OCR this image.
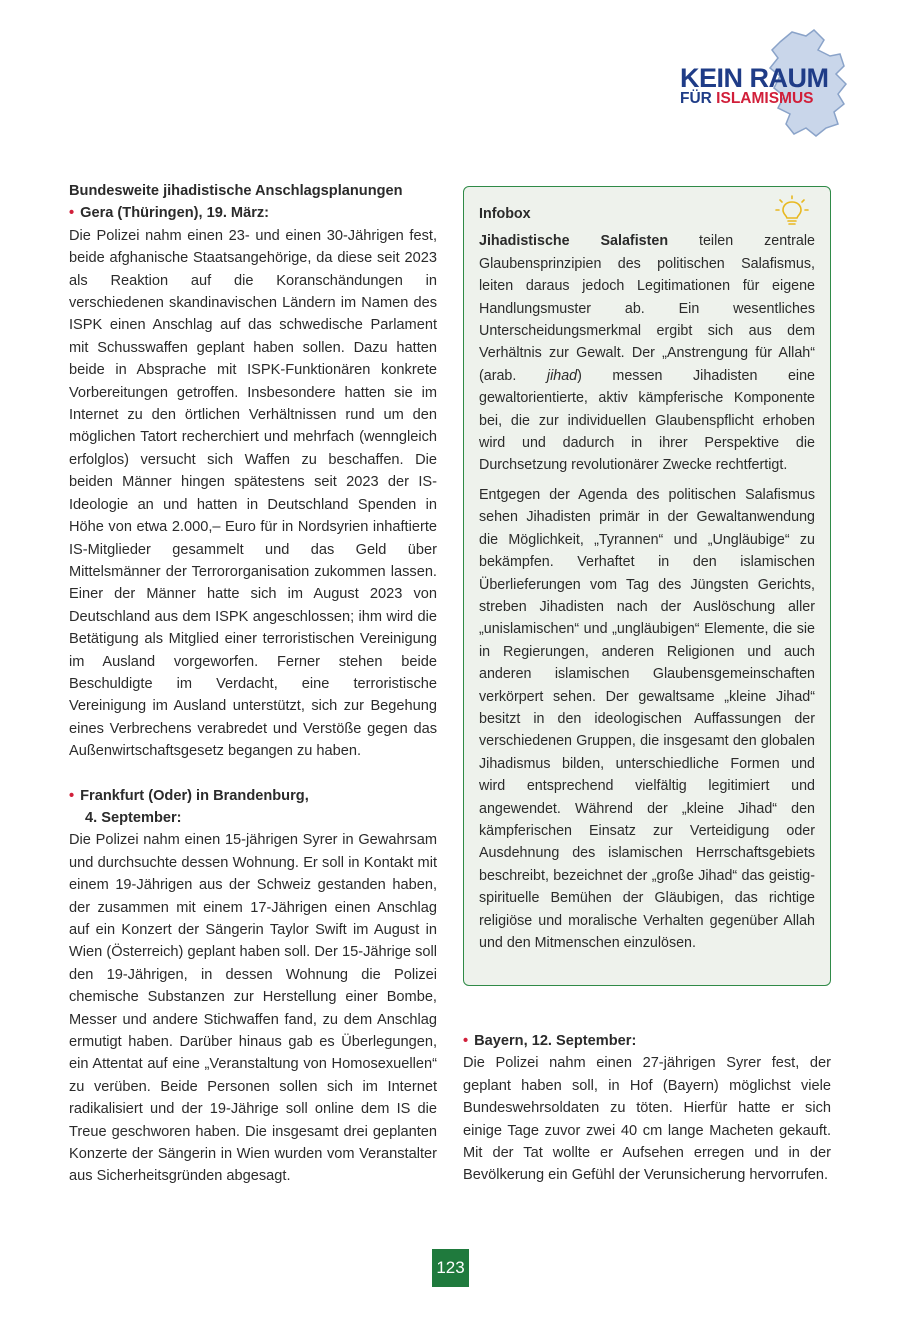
KEIN RAUM
FÜR ISLAMISMUS

Bundesweite jihadistische Anschlagsplanungen

• Gera (Thüringen), 19. März:

Die Polizei nahm einen 23- und einen 30-Jährigen fest, beide afghanische Staatsangehörige, da diese seit 2023 als Reaktion auf die Koranschändungen in verschiedenen skandinavischen Ländern im Namen des ISPK einen Anschlag auf das schwedische Parlament mit Schusswaffen geplant haben sollen. Dazu hatten beide in Absprache mit ISPK-Funktionären konkrete Vorbereitungen getroffen. Insbesondere hatten sie im Internet zu den örtlichen Verhältnissen rund um den möglichen Tatort recherchiert und mehrfach (wenngleich erfolglos) versucht sich Waffen zu beschaffen. Die beiden Männer hingen spätestens seit 2023 der IS-Ideologie an und hatten in Deutschland Spenden in Höhe von etwa 2.000,– Euro für in Nordsyrien inhaftierte IS-Mitglieder gesammelt und das Geld über Mittelsmänner der Terrororganisation zukommen lassen. Einer der Männer hatte sich im August 2023 von Deutschland aus dem ISPK angeschlossen; ihm wird die Betätigung als Mitglied einer terroristischen Vereinigung im Ausland vorgeworfen. Ferner stehen beide Beschuldigte im Verdacht, eine terroristische Vereinigung im Ausland unterstützt, sich zur Begehung eines Verbrechens verabredet und Verstöße gegen das Außenwirtschaftsgesetz begangen zu haben.

• Frankfurt (Oder) in Brandenburg,

4. September:

Die Polizei nahm einen 15-jährigen Syrer in Gewahrsam und durchsuchte dessen Wohnung. Er soll in Kontakt mit einem 19-Jährigen aus der Schweiz gestanden haben, der zusammen mit einem 17-Jährigen einen Anschlag auf ein Konzert der Sängerin Taylor Swift im August in Wien (Österreich) geplant haben soll. Der 15-Jährige soll den 19-Jährigen, in dessen Wohnung die Polizei chemische Substanzen zur Herstellung einer Bombe, Messer und andere Stichwaffen fand, zu dem Anschlag ermutigt haben. Darüber hinaus gab es Überlegungen, ein Attentat auf eine „Veranstaltung von Homosexuellen“ zu verüben. Beide Personen sollen sich im Internet radikalisiert und der 19-Jährige soll online dem IS die Treue geschworen haben. Die insgesamt drei geplanten Konzerte der Sängerin in Wien wurden vom Veranstalter aus Sicherheitsgründen abgesagt.

Infobox

Jihadistische Salafisten teilen zentrale Glaubensprinzipien des politischen Salafismus, leiten daraus jedoch Legitimationen für eigene Handlungsmuster ab. Ein wesentliches Unterscheidungsmerkmal ergibt sich aus dem Verhältnis zur Gewalt. Der „Anstrengung für Allah“ (arab. jihad) messen Jihadisten eine gewaltorientierte, aktiv kämpferische Komponente bei, die zur individuellen Glaubenspflicht erhoben wird und dadurch in ihrer Perspektive die Durchsetzung revolutionärer Zwecke rechtfertigt.

Entgegen der Agenda des politischen Salafismus sehen Jihadisten primär in der Gewaltanwendung die Möglichkeit, „Tyrannen“ und „Ungläubige“ zu bekämpfen. Verhaftet in den islamischen Überlieferungen vom Tag des Jüngsten Gerichts, streben Jihadisten nach der Auslöschung aller „unislamischen“ und „ungläubigen“ Elemente, die sie in Regierungen, anderen Religionen und auch anderen islamischen Glaubensgemeinschaften verkörpert sehen. Der gewaltsame „kleine Jihad“ besitzt in den ideologischen Auffassungen der verschiedenen Gruppen, die insgesamt den globalen Jihadismus bilden, unterschiedliche Formen und wird entsprechend vielfältig legitimiert und angewendet. Während der „kleine Jihad“ den kämpferischen Einsatz zur Verteidigung oder Ausdehnung des islamischen Herrschaftsgebiets beschreibt, bezeichnet der „große Jihad“ das geistig-spirituelle Bemühen der Gläubigen, das richtige religiöse und moralische Verhalten gegenüber Allah und den Mitmenschen einzulösen.

• Bayern, 12. September:

Die Polizei nahm einen 27-jährigen Syrer fest, der geplant haben soll, in Hof (Bayern) möglichst viele Bundeswehrsoldaten zu töten. Hierfür hatte er sich einige Tage zuvor zwei 40 cm lange Macheten gekauft. Mit der Tat wollte er Aufsehen erregen und in der Bevölkerung ein Gefühl der Verunsicherung hervorrufen.

123
